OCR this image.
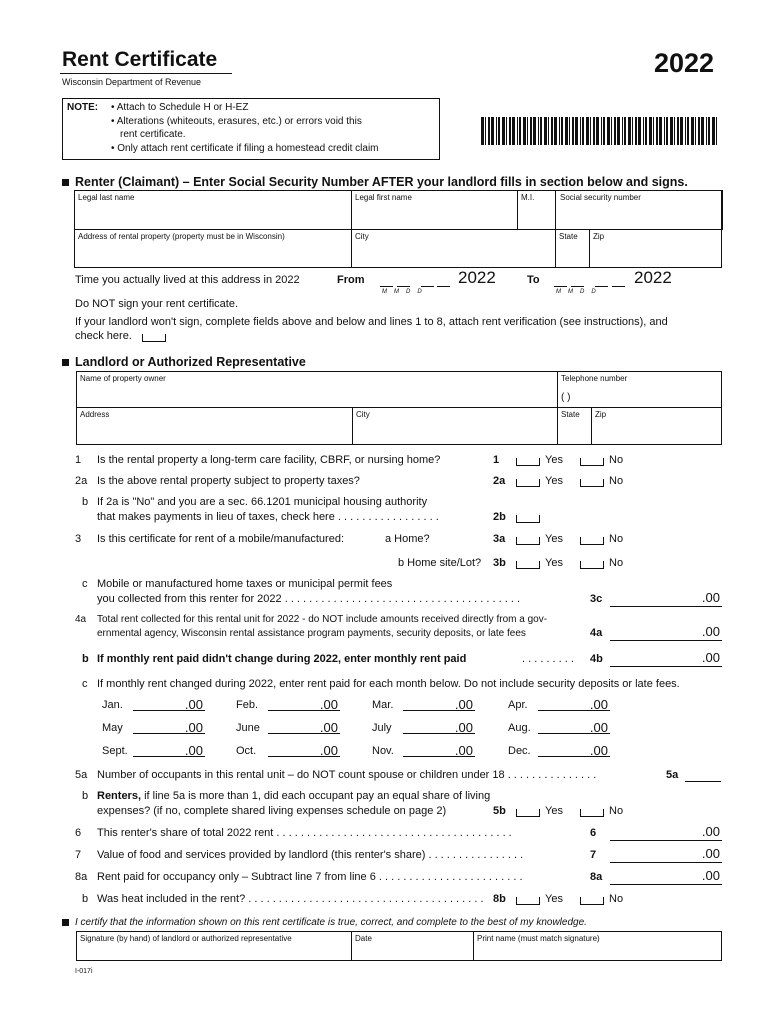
Rent Certificate
Wisconsin Department of Revenue
2022
NOTE: • Attach to Schedule H or H-EZ
• Alterations (whiteouts, erasures, etc.) or errors void this
rent certificate.
• Only attach rent certificate if filing a homestead credit claim
Renter (Claimant) – Enter Social Security Number AFTER your landlord fills in section below and signs.
Legal last name	Legal first name	M.I.	Social security number
Address of rental property (property must be in Wisconsin)	City	State Zip
Time you actually lived at this address in 2022	From
MMDD
2022	To
MMDD
2022
Do NOT sign your rent certificate.
If your landlord won't sign, complete fields above and below and lines 1 to 8, attach rent verification (see instructions), and
check here.
Landlord or Authorized Representative
Name of property owner	Telephone number
( )
Address	City	State Zip
1 Is the rental property a long-term care facility, CBRF, or nursing home?	1	Yes	No
2a Is the above rental property subject to property taxes?	2a	Yes	No
b If 2a is "No" and you are a sec. 66.1201 municipal housing authority
that makes payments in lieu of taxes, check here . . . . . . . . . . . . . . . . .	2b
3 Is this certificate for rent of a mobile/manufactured:	a Home?	3a	Yes	No
b Home site/Lot? 3b	Yes	No
c Mobile or manufactured home taxes or municipal permit fees
you collected from this renter for 2022 . . . . . . . . . . . . . . . . . . . . . . . . . . . . . . . . . . . . . . .	3c	.00
4a Total rent collected for this rental unit for 2022 - do NOT include amounts received directly from a gov-
ernmental agency, Wisconsin rental assistance program payments, security deposits, or late fees	4a	.00
b If monthly rent paid didn't change during 2022, enter monthly rent paid	. . . . . . . . . 4b	.00
c If monthly rent changed during 2022, enter rent paid for each month below. Do not include security deposits or late fees.
Jan.	.00	Feb.	.00	Mar.	.00	Apr.	.00
May	.00	June	.00	July	.00	Aug.	.00
Sept.	.00	Oct.	.00	Nov.	.00	Dec.	.00
5a Number of occupants in this rental unit – do NOT count spouse or children under 18 . . . . . . . . . . . . . . .	5a
b Renters, if line 5a is more than 1, did each occupant pay an equal share of living
expenses? (if no, complete shared living expenses schedule on page 2)	5b	Yes	No
6 This renter's share of total 2022 rent . . . . . . . . . . . . . . . . . . . . . . . . . . . . . . . . . . . . . . .	6	.00
7 Value of food and services provided by landlord (this renter's share) . . . . . . . . . . . . . . . .	7	.00
8a Rent paid for occupancy only – Subtract line 7 from line 6 . . . . . . . . . . . . . . . . . . . . . . . .	8a	.00
b Was heat included in the rent? . . . . . . . . . . . . . . . . . . . . . . . . . . . . . . . . . . . . . . . 8b	Yes	No
I certify that the information shown on this rent certificate is true, correct, and complete to the best of my knowledge.
Signature (by hand) of landlord or authorized representative	Date	Print name (must match signature)
I-017i
